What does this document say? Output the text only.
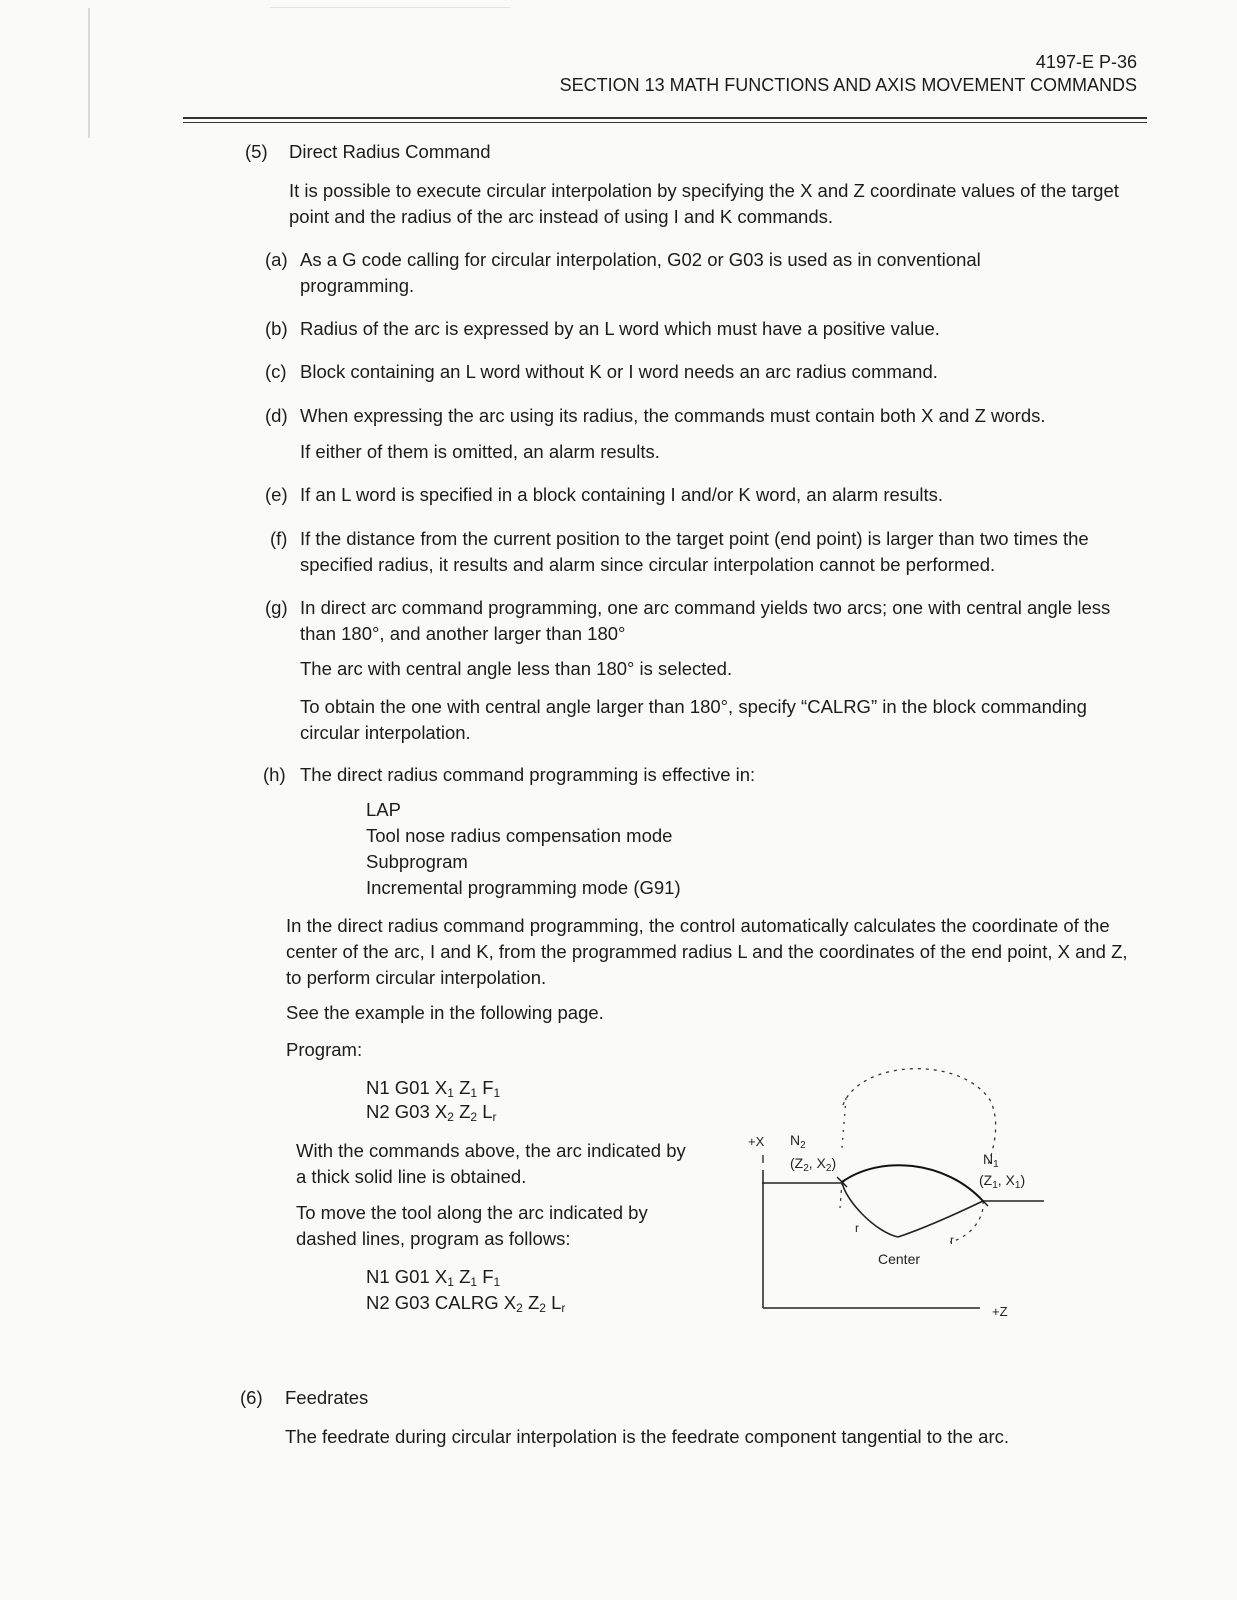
4197-E P-36
SECTION 13 MATH FUNCTIONS AND AXIS MOVEMENT COMMANDS
(5) Direct Radius Command

It is possible to execute circular interpolation by specifying the X and Z coordinate values of the target point and the radius of the arc instead of using I and K commands.

(a) As a G code calling for circular interpolation, G02 or G03 is used as in conventional programming.

(b) Radius of the arc is expressed by an L word which must have a positive value.

(c) Block containing an L word without K or I word needs an arc radius command.

(d) When expressing the arc using its radius, the commands must contain both X and Z words.

If either of them is omitted, an alarm results.

(e) If an L word is specified in a block containing I and/or K word, an alarm results.

(f) If the distance from the current position to the target point (end point) is larger than two times the specified radius, it results and alarm since circular interpolation cannot be performed.

(g) In direct arc command programming, one arc command yields two arcs; one with central angle less than 180°, and another larger than 180°

The arc with central angle less than 180° is selected.

To obtain the one with central angle larger than 180°, specify “CALRG” in the block commanding circular interpolation.

(h) The direct radius command programming is effective in:

LAP
Tool nose radius compensation mode
Subprogram
Incremental programming mode (G91)

In the direct radius command programming, the control automatically calculates the coordinate of the center of the arc, I and K, from the programmed radius L and the coordinates of the end point, X and Z, to perform circular interpolation.

See the example in the following page.

Program:

N1 G01 $X_1$ $Z_1$ $F_1$
N2 G03 $X_2$ $Z_2$ $L_r$

With the commands above, the arc indicated by a thick solid line is obtained.

To move the tool along the arc indicated by dashed lines, program as follows:

N1 G01 $X_1$ $Z_1$ $F_1$
N2 G03 CALRG $X_2$ $Z_2$ $L_r$
+X
+Z
$N_2$
($Z_2$, $X_2$)	$N_1$
($Z_1$, $X_1$)
r
r
Center
(6) Feedrates

The feedrate during circular interpolation is the feedrate component tangential to the arc.
